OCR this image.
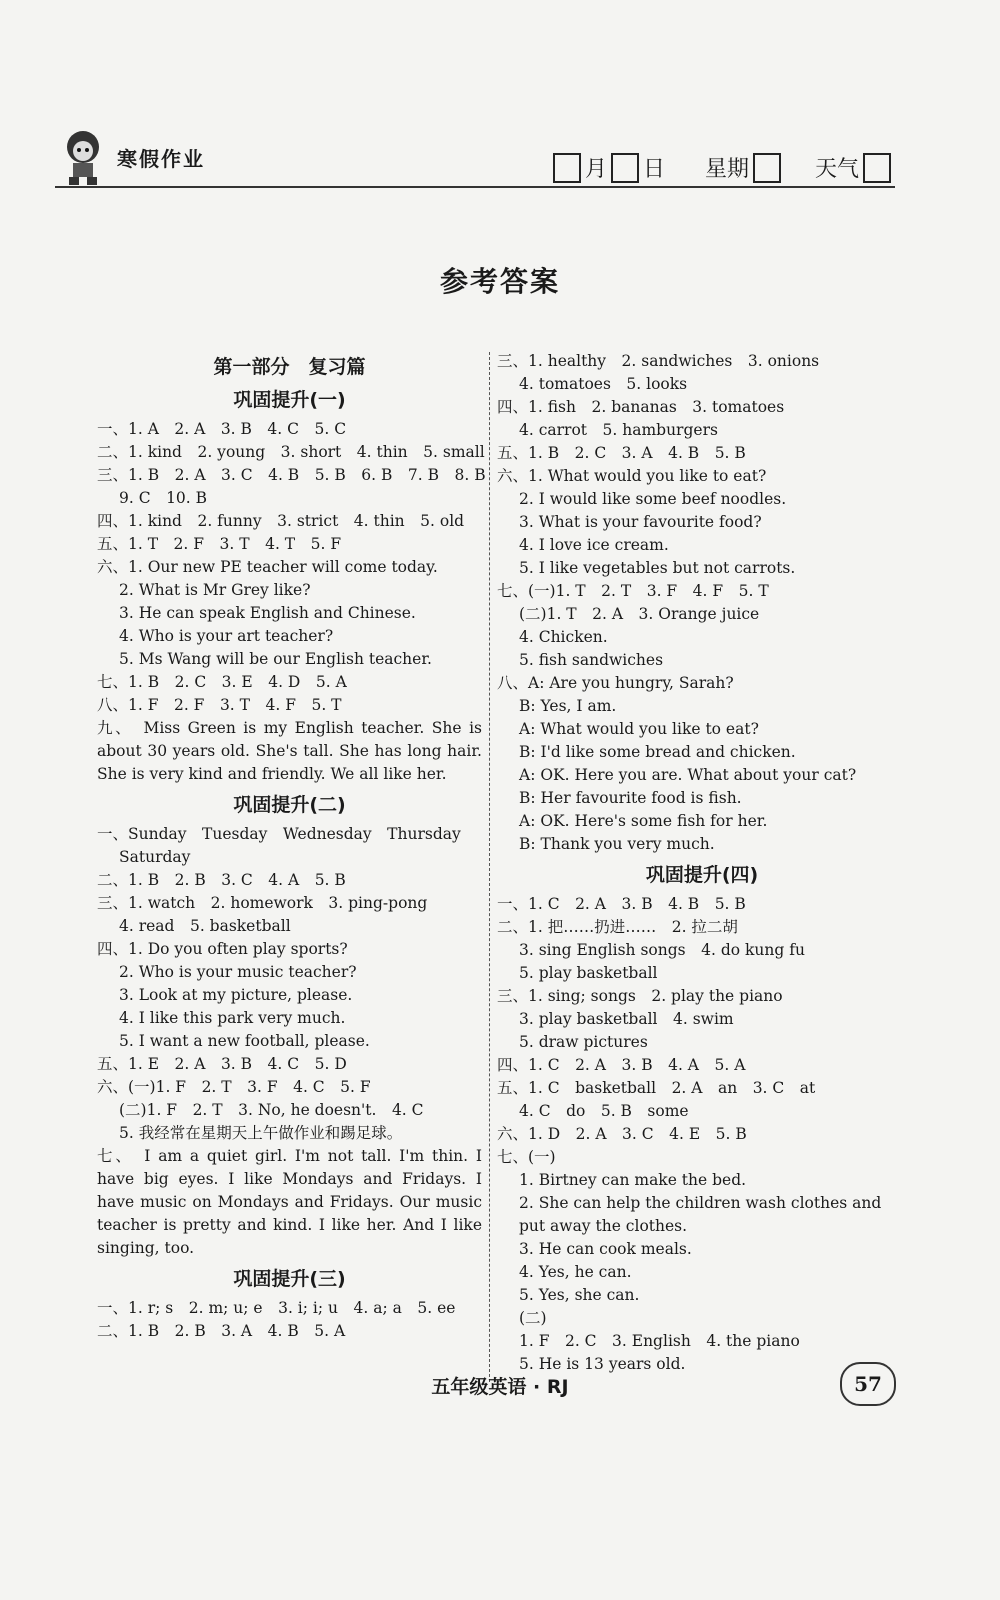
寒假作业	月 日 星期	天气
参考答案
第一部分　复习篇
巩固提升(一)
一、1. A　2. A　3. B　4. C　5. C
二、1. kind　2. young　3. short　4. thin　5. small
三、1. B　2. A　3. C　4. B　5. B　6. B　7. B　8. B
9. C　10. B
四、1. kind　2. funny　3. strict　4. thin　5. old
五、1. T　2. F　3. T　4. T　5. F
六、1. Our new PE teacher will come today.
2. What is Mr Grey like?
3. He can speak English and Chinese.
4. Who is your art teacher?
5. Ms Wang will be our English teacher.
七、1. B　2. C　3. E　4. D　5. A
八、1. F　2. F　3. T　4. F　5. T
九、　Miss Green is my English teacher. She is about 30 years old. She's tall. She has long hair. She is very kind and friendly. We all like her.
巩固提升(二)
一、Sunday　Tuesday　Wednesday　Thursday
Saturday
二、1. B　2. B　3. C　4. A　5. B
三、1. watch　2. homework　3. ping-pong
4. read　5. basketball
四、1. Do you often play sports?
2. Who is your music teacher?
3. Look at my picture, please.
4. I like this park very much.
5. I want a new football, please.
五、1. E　2. A　3. B　4. C　5. D
六、(一)1. F　2. T　3. F　4. C　5. F
(二)1. F　2. T　3. No, he doesn't.　4. C
5. 我经常在星期天上午做作业和踢足球。
七、　I am a quiet girl. I'm not tall. I'm thin. I have big eyes. I like Mondays and Fridays. I have music on Mondays and Fridays. Our music teacher is pretty and kind. I like her. And I like singing, too.
巩固提升(三)
一、1. r; s　2. m; u; e　3. i; i; u　4. a; a　5. ee
二、1. B　2. B　3. A　4. B　5. A
三、1. healthy　2. sandwiches　3. onions
4. tomatoes　5. looks
四、1. fish　2. bananas　3. tomatoes
4. carrot　5. hamburgers
五、1. B　2. C　3. A　4. B　5. B
六、1. What would you like to eat?
2. I would like some beef noodles.
3. What is your favourite food?
4. I love ice cream.
5. I like vegetables but not carrots.
七、(一)1. T　2. T　3. F　4. F　5. T
(二)1. T　2. A　3. Orange juice
4. Chicken.
5. fish sandwiches
八、A: Are you hungry, Sarah?
B: Yes, I am.
A: What would you like to eat?
B: I'd like some bread and chicken.
A: OK. Here you are. What about your cat?
B: Her favourite food is fish.
A: OK. Here's some fish for her.
B: Thank you very much.
巩固提升(四)
一、1. C　2. A　3. B　4. B　5. B
二、1. 把……扔进……　2. 拉二胡
3. sing English songs　4. do kung fu
5. play basketball
三、1. sing; songs　2. play the piano
3. play basketball　4. swim
5. draw pictures
四、1. C　2. A　3. B　4. A　5. A
五、1. C　basketball　2. A　an　3. C　at
4. C　do　5. B　some
六、1. D　2. A　3. C　4. E　5. B
七、(一)
1. Birtney can make the bed.
2. She can help the children wash clothes and
put away the clothes.
3. He can cook meals.
4. Yes, he can.
5. Yes, she can.
(二)
1. F　2. C　3. English　4. the piano
5. He is 13 years old.
五年级英语 · RJ	57
